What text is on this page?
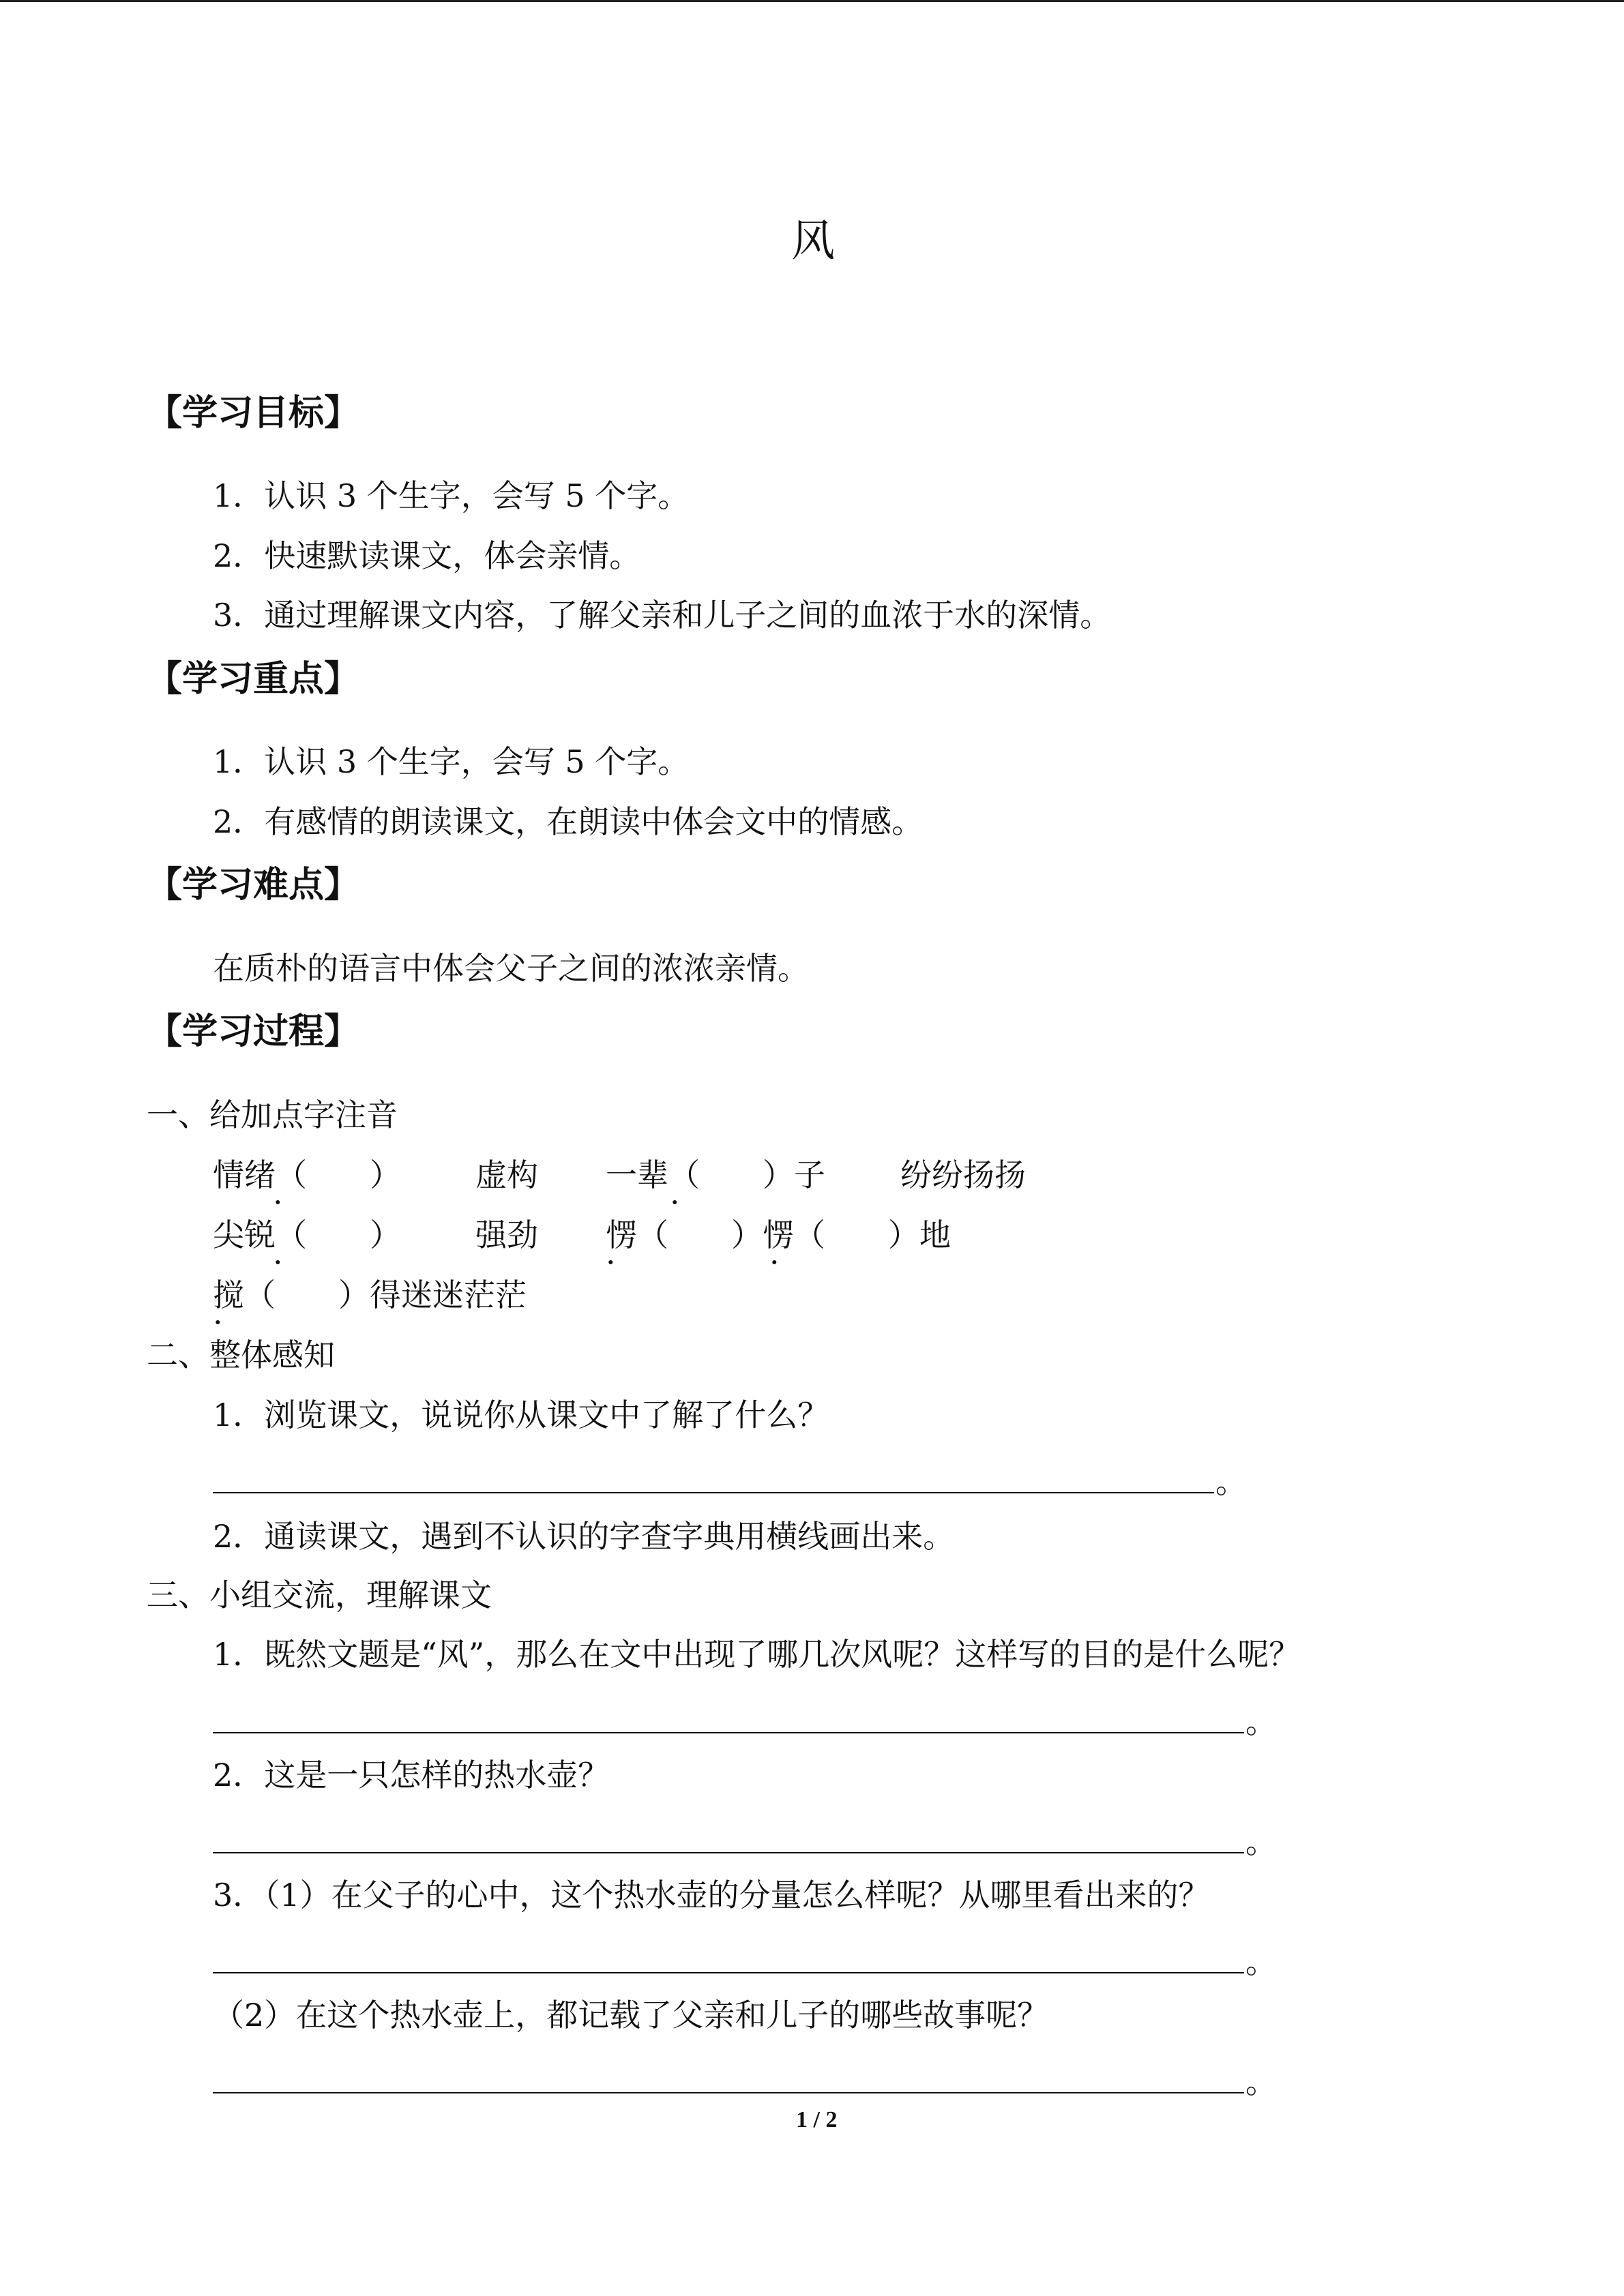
风
【学习目标】
1．认识 3 个生字，会写 5 个字。
2．快速默读课文，体会亲情。
3．通过理解课文内容，了解父亲和儿子之间的血浓于水的深情。
【学习重点】
1．认识 3 个生字，会写 5 个字。
2．有感情的朗读课文，在朗读中体会文中的情感。
【学习难点】
在质朴的语言中体会父子之间的浓浓亲情。
【学习过程】
一、给加点字注音
情绪（　　） 虚构 一辈（　　）子 纷纷扬扬
尖锐（　　） 强劲 愣（　　）愣（　　）地
搅（　　）得迷迷茫茫
·	·
·	·	·
·
二、整体感知
1．浏览课文，说说你从课文中了解了什么？
。
2．通读课文，遇到不认识的字查字典用横线画出来。
三、小组交流，理解课文
1．既然文题是“风”，那么在文中出现了哪几次风呢？这样写的目的是什么呢？
。
2．这是一只怎样的热水壶？
。
3．（1）在父子的心中，这个热水壶的分量怎么样呢？从哪里看出来的？
。
（2）在这个热水壶上，都记载了父亲和儿子的哪些故事呢？
。
1 / 2
